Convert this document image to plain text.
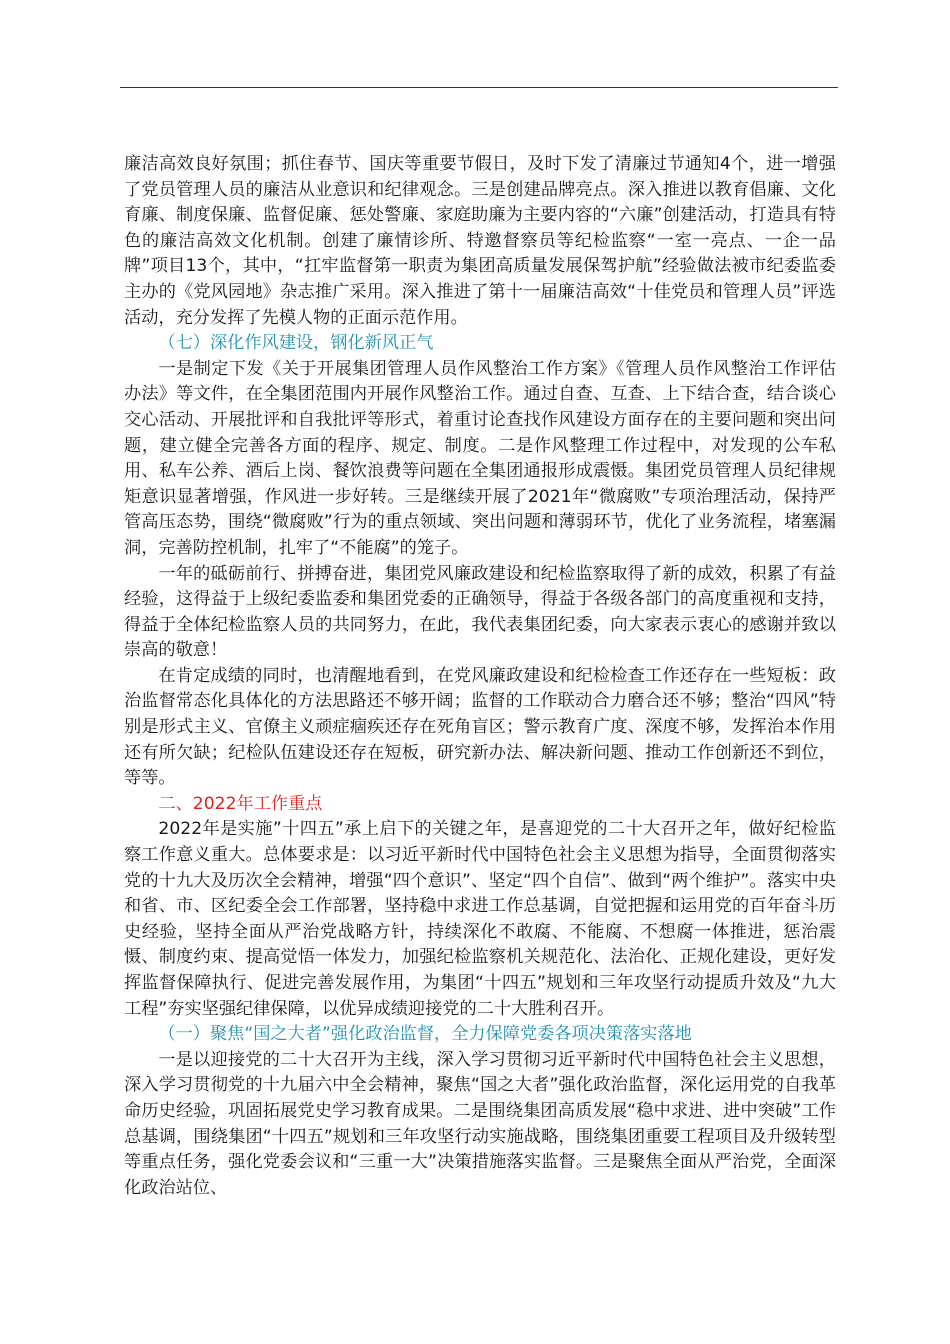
廉洁高效良好氛围；抓住春节、国庆等重要节假日，及时下发了清廉过节通知4个，进一增强了党员管理人员的廉洁从业意识和纪律观念。三是创建品牌亮点。深入推进以教育倡廉、文化育廉、制度保廉、监督促廉、惩处警廉、家庭助廉为主要内容的“六廉”创建活动，打造具有特色的廉洁高效文化机制。创建了廉情诊所、特邀督察员等纪检监察“一室一亮点、一企一品牌”项目13个，其中，“扛牢监督第一职责为集团高质量发展保驾护航”经验做法被市纪委监委主办的《党风园地》杂志推广采用。深入推进了第十一届廉洁高效“十佳党员和管理人员”评选活动，充分发挥了先模人物的正面示范作用。

（七）深化作风建设，钢化新风正气

一是制定下发《关于开展集团管理人员作风整治工作方案》《管理人员作风整治工作评估办法》等文件，在全集团范围内开展作风整治工作。通过自查、互查、上下结合查，结合谈心交心活动、开展批评和自我批评等形式，着重讨论查找作风建设方面存在的主要问题和突出问题，建立健全完善各方面的程序、规定、制度。二是作风整理工作过程中，对发现的公车私用、私车公养、酒后上岗、餐饮浪费等问题在全集团通报形成震慑。集团党员管理人员纪律规矩意识显著增强，作风进一步好转。三是继续开展了2021年“微腐败”专项治理活动，保持严管高压态势，围绕“微腐败”行为的重点领域、突出问题和薄弱环节，优化了业务流程，堵塞漏洞，完善防控机制，扎牢了“不能腐”的笼子。

一年的砥砺前行、拼搏奋进，集团党风廉政建设和纪检监察取得了新的成效，积累了有益经验，这得益于上级纪委监委和集团党委的正确领导，得益于各级各部门的高度重视和支持，得益于全体纪检监察人员的共同努力，在此，我代表集团纪委，向大家表示衷心的感谢并致以崇高的敬意！

在肯定成绩的同时，也清醒地看到，在党风廉政建设和纪检检查工作还存在一些短板：政治监督常态化具体化的方法思路还不够开阔；监督的工作联动合力磨合还不够；整治“四风”特别是形式主义、官僚主义顽症痼疾还存在死角盲区；警示教育广度、深度不够，发挥治本作用还有所欠缺；纪检队伍建设还存在短板，研究新办法、解决新问题、推动工作创新还不到位，等等。

二、2022年工作重点

2022年是实施”十四五”承上启下的关键之年，是喜迎党的二十大召开之年，做好纪检监察工作意义重大。总体要求是：以习近平新时代中国特色社会主义思想为指导，全面贯彻落实党的十九大及历次全会精神，增强“四个意识”、坚定“四个自信”、做到“两个维护”。落实中央和省、市、区纪委全会工作部署，坚持稳中求进工作总基调，自觉把握和运用党的百年奋斗历史经验，坚持全面从严治党战略方针，持续深化不敢腐、不能腐、不想腐一体推进，惩治震慑、制度约束、提高觉悟一体发力，加强纪检监察机关规范化、法治化、正规化建设，更好发挥监督保障执行、促进完善发展作用，为集团“十四五”规划和三年攻坚行动提质升效及“九大工程”夯实坚强纪律保障，以优异成绩迎接党的二十大胜利召开。

（一）聚焦“国之大者”强化政治监督，全力保障党委各项决策落实落地

一是以迎接党的二十大召开为主线，深入学习贯彻习近平新时代中国特色社会主义思想，深入学习贯彻党的十九届六中全会精神，聚焦“国之大者”强化政治监督，深化运用党的自我革命历史经验，巩固拓展党史学习教育成果。二是围绕集团高质发展“稳中求进、进中突破”工作总基调，围绕集团“十四五”规划和三年攻坚行动实施战略，围绕集团重要工程项目及升级转型等重点任务，强化党委会议和“三重一大”决策措施落实监督。三是聚焦全面从严治党，全面深化政治站位、
